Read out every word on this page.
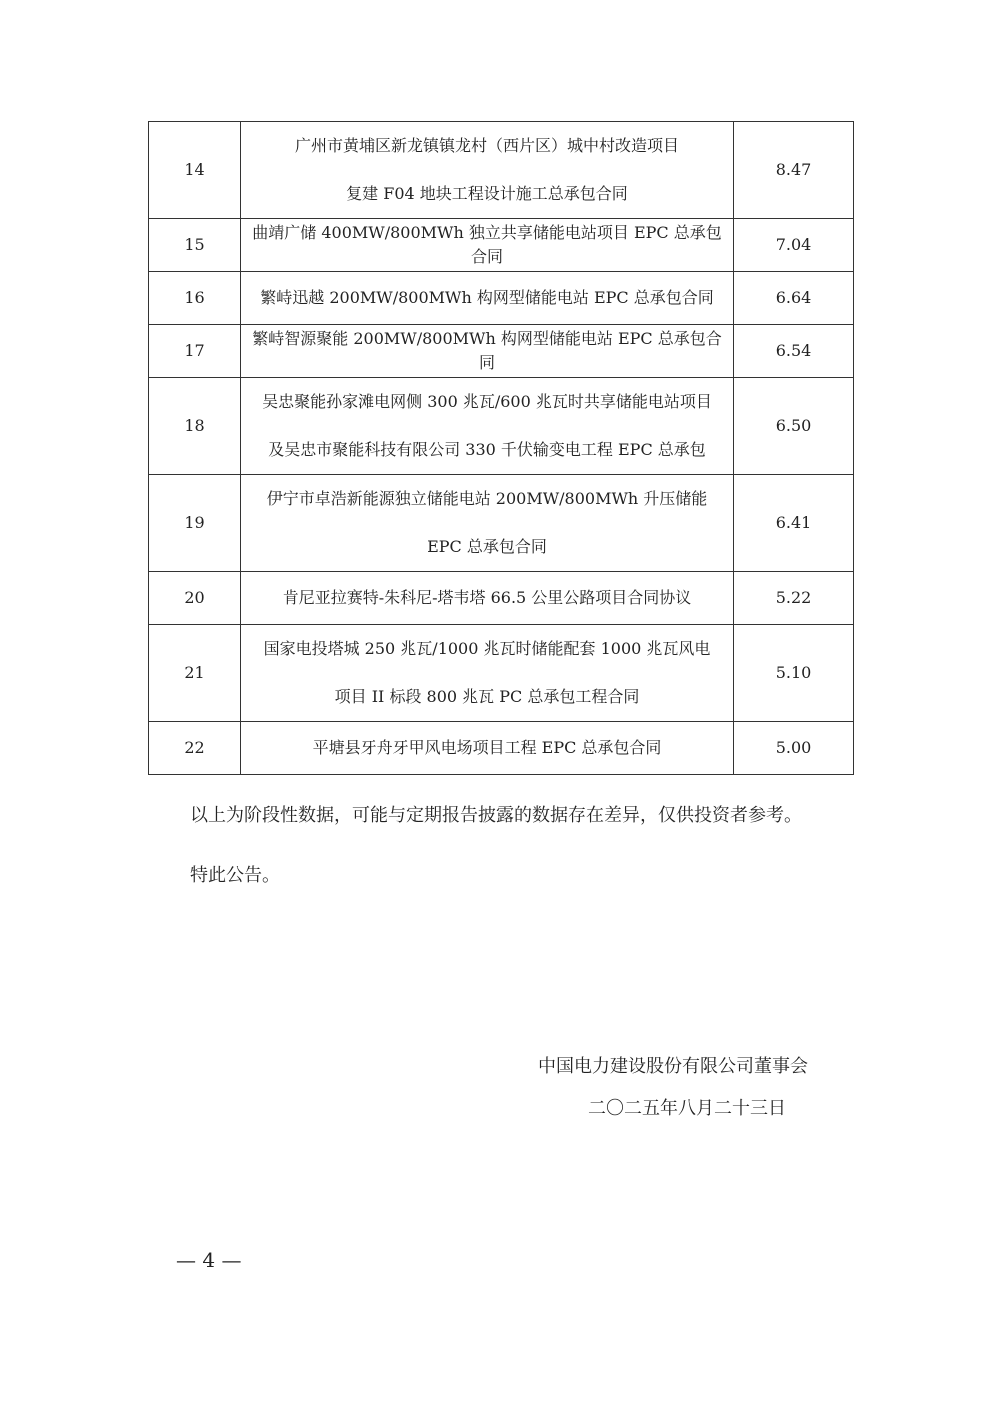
14	广州市黄埔区新龙镇镇龙村（西片区）城中村改造项目
复建 F04 地块工程设计施工总承包合同	8.47
15	曲靖广储 400MW/800MWh 独立共享储能电站项目 EPC 总承包合同	7.04
16	繁峙迅越 200MW/800MWh 构网型储能电站 EPC 总承包合同	6.64
17	繁峙智源聚能 200MW/800MWh 构网型储能电站 EPC 总承包合同	6.54
18	吴忠聚能孙家滩电网侧 300 兆瓦/600 兆瓦时共享储能电站项目
及吴忠市聚能科技有限公司 330 千伏输变电工程 EPC 总承包	6.50
19	伊宁市卓浩新能源独立储能电站 200MW/800MWh 升压储能
EPC 总承包合同	6.41
20	肯尼亚拉赛特-朱科尼-塔韦塔 66.5 公里公路项目合同协议	5.22
21	国家电投塔城 250 兆瓦/1000 兆瓦时储能配套 1000 兆瓦风电
项目 II 标段 800 兆瓦 PC 总承包工程合同	5.10
22	平塘县牙舟牙甲风电场项目工程 EPC 总承包合同	5.00

以上为阶段性数据，可能与定期报告披露的数据存在差异，仅供投资者参考。

特此公告。

中国电力建设股份有限公司董事会

二〇二五年八月二十三日

— 4 —
